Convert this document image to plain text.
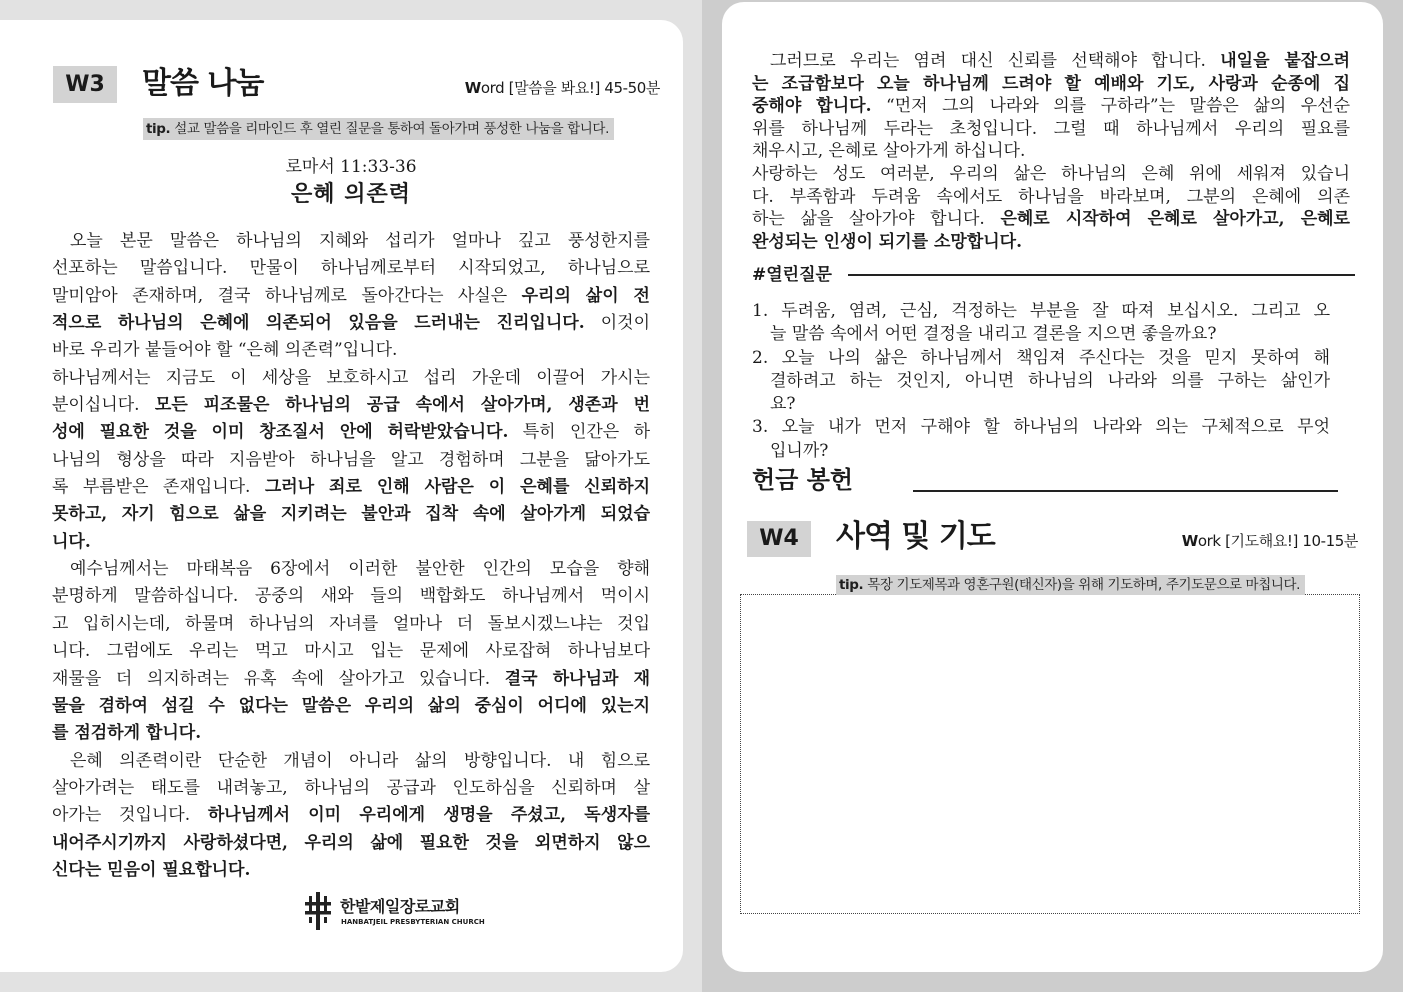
W3	말씀 나눔	Word [말씀을 봐요!] 45-50분
tip. 설교 말씀을 리마인드 후 열린 질문을 통하여 돌아가며 풍성한 나눔을 합니다.
로마서 11:33-36
은혜 의존력
오늘 본문 말씀은 하나님의 지혜와 섭리가 얼마나 깊고 풍성한지를
선포하는 말씀입니다. 만물이 하나님께로부터 시작되었고, 하나님으로
말미암아 존재하며, 결국 하나님께로 돌아간다는 사실은 우리의 삶이 전
적으로 하나님의 은혜에 의존되어 있음을 드러내는 진리입니다. 이것이
바로 우리가 붙들어야 할 “은혜 의존력”입니다.
하나님께서는 지금도 이 세상을 보호하시고 섭리 가운데 이끌어 가시는
분이십니다. 모든 피조물은 하나님의 공급 속에서 살아가며, 생존과 번
성에 필요한 것을 이미 창조질서 안에 허락받았습니다. 특히 인간은 하
나님의 형상을 따라 지음받아 하나님을 알고 경험하며 그분을 닮아가도
록 부름받은 존재입니다. 그러나 죄로 인해 사람은 이 은혜를 신뢰하지
못하고, 자기 힘으로 삶을 지키려는 불안과 집착 속에 살아가게 되었습
니다.
예수님께서는 마태복음 6장에서 이러한 불안한 인간의 모습을 향해
분명하게 말씀하십니다. 공중의 새와 들의 백합화도 하나님께서 먹이시
고 입히시는데, 하물며 하나님의 자녀를 얼마나 더 돌보시겠느냐는 것입
니다. 그럼에도 우리는 먹고 마시고 입는 문제에 사로잡혀 하나님보다
재물을 더 의지하려는 유혹 속에 살아가고 있습니다. 결국 하나님과 재
물을 겸하여 섬길 수 없다는 말씀은 우리의 삶의 중심이 어디에 있는지
를 점검하게 합니다.
은혜 의존력이란 단순한 개념이 아니라 삶의 방향입니다. 내 힘으로
살아가려는 태도를 내려놓고, 하나님의 공급과 인도하심을 신뢰하며 살
아가는 것입니다. 하나님께서 이미 우리에게 생명을 주셨고, 독생자를
내어주시기까지 사랑하셨다면, 우리의 삶에 필요한 것을 외면하지 않으
신다는 믿음이 필요합니다.
한밭제일장로교회
HANBATJEIL PRESBYTERIAN CHURCH
그러므로 우리는 염려 대신 신뢰를 선택해야 합니다. 내일을 붙잡으려
는 조급함보다 오늘 하나님께 드려야 할 예배와 기도, 사랑과 순종에 집
중해야 합니다. “먼저 그의 나라와 의를 구하라”는 말씀은 삶의 우선순
위를 하나님께 두라는 초청입니다. 그럴 때 하나님께서 우리의 필요를
채우시고, 은혜로 살아가게 하십니다.
사랑하는 성도 여러분, 우리의 삶은 하나님의 은혜 위에 세워져 있습니
다. 부족함과 두려움 속에서도 하나님을 바라보며, 그분의 은혜에 의존
하는 삶을 살아가야 합니다. 은혜로 시작하여 은혜로 살아가고, 은혜로
완성되는 인생이 되기를 소망합니다.
#열린질문
1. 두려움, 염려, 근심, 걱정하는 부분을 잘 따져 보십시오. 그리고 오
늘 말씀 속에서 어떤 결정을 내리고 결론을 지으면 좋을까요?
2. 오늘 나의 삶은 하나님께서 책임져 주신다는 것을 믿지 못하여 해
결하려고 하는 것인지, 아니면 하나님의 나라와 의를 구하는 삶인가
요?
3. 오늘 내가 먼저 구해야 할 하나님의 나라와 의는 구체적으로 무엇
입니까?
헌금 봉헌
W4	사역 및 기도	Work [기도해요!] 10-15분
tip. 목장 기도제목과 영혼구원(태신자)을 위해 기도하며, 주기도문으로 마칩니다.
